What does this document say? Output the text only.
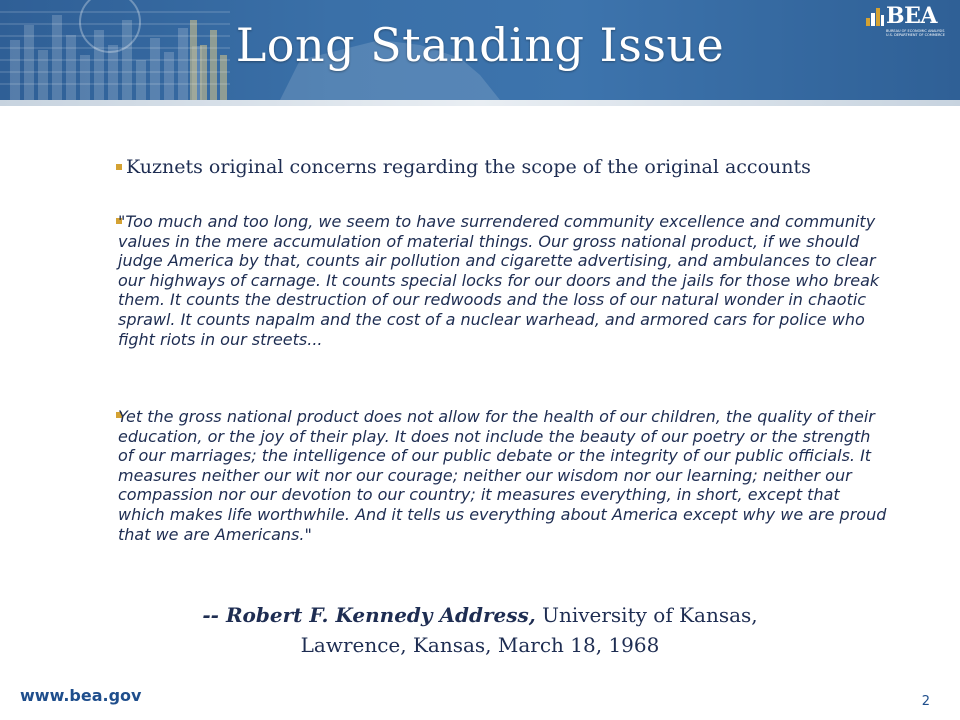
Long Standing Issue
BEA
BUREAU OF ECONOMIC ANALYSIS
U.S. DEPARTMENT OF COMMERCE
Kuznets original concerns regarding the scope of the original accounts

"Too much and too long, we seem to have surrendered community excellence and community values in the mere accumulation of material things. Our gross national product, if we should judge America by that, counts air pollution and cigarette advertising, and ambulances to clear our highways of carnage. It counts special locks for our doors and the jails for those who break them. It counts the destruction of our redwoods and the loss of our natural wonder in chaotic sprawl. It counts napalm and the cost of a nuclear warhead, and armored cars for police who fight riots in our streets...

Yet the gross national product does not allow for the health of our children, the quality of their education, or the joy of their play. It does not include the beauty of our poetry or the strength of our marriages; the intelligence of our public debate or the integrity of our public officials. It measures neither our wit nor our courage; neither our wisdom nor our learning; neither our compassion nor our devotion to our country; it measures everything, in short, except that which makes life worthwhile. And it tells us everything about America except why we are proud that we are Americans."

-- Robert F. Kennedy Address, University of Kansas,
Lawrence, Kansas, March 18, 1968
www.bea.gov	2
